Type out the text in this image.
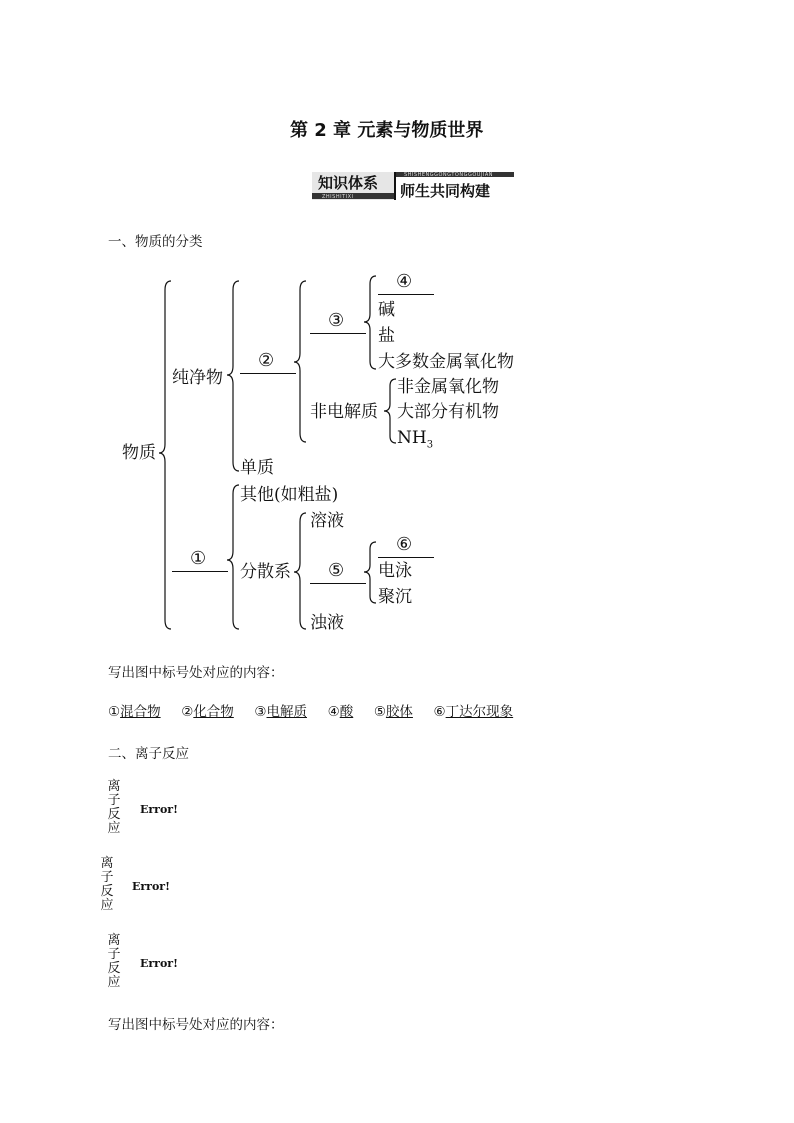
第 2 章 元素与物质世界
知识体系
ZHISHITIXI
SHISHENGGONGTONGGOUJIAN
师生共同构建
一、物质的分类
物质
纯净物
②
③
④
碱
盐
大多数金属氧化物
非电解质
非金属氧化物
大部分有机物
$NH_3$
单质
其他(如粗盐)
①
分散系
溶液
⑤
⑥
电泳
聚沉
浊液
写出图中标号处对应的内容：
①混合物 ②化合物 ③电解质 ④酸 ⑤胶体 ⑥丁达尔现象
二、离子反应
离子反应
Error!
离子反应
Error!
离子反应
Error!
写出图中标号处对应的内容：
